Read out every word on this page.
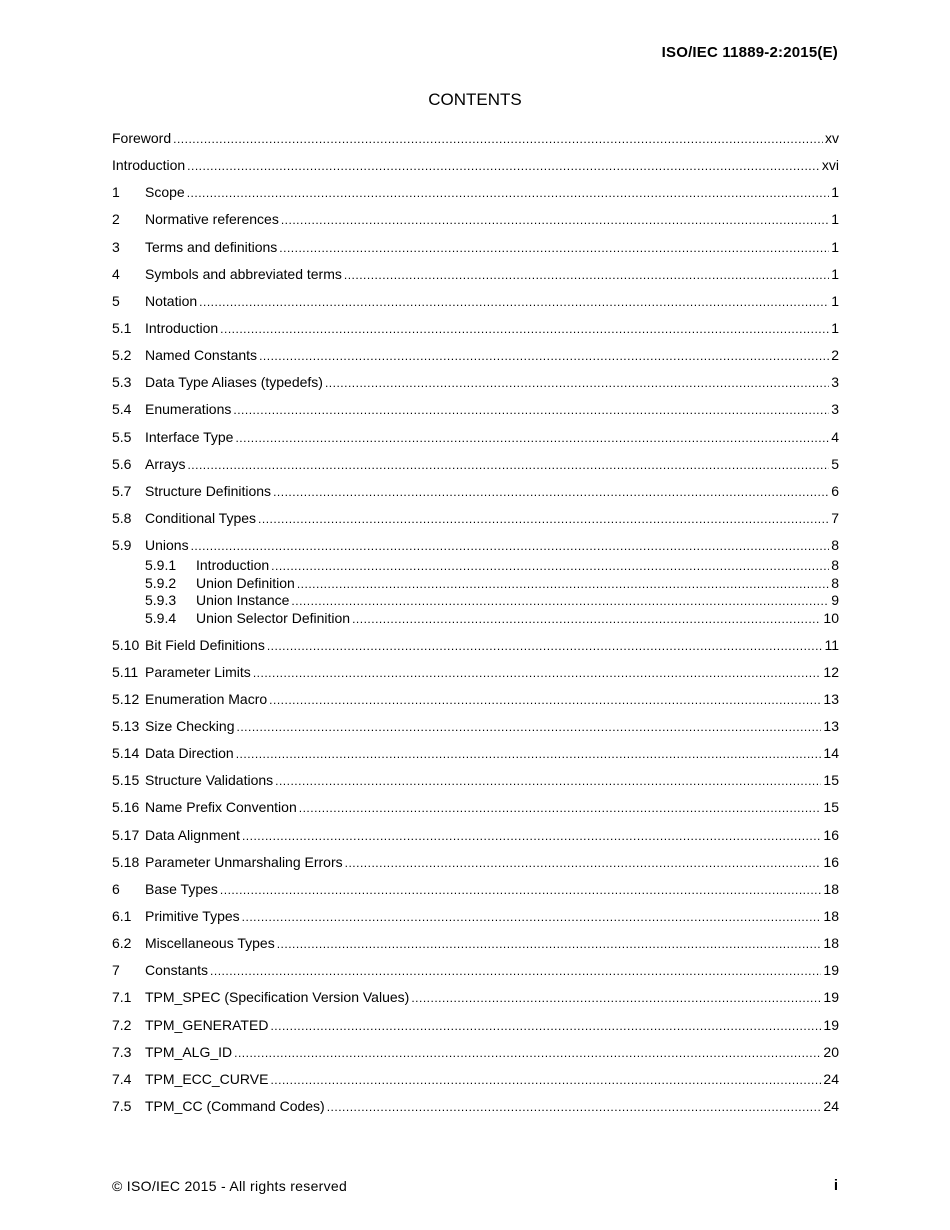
ISO/IEC 11889-2:2015(E)
CONTENTS
Foreword .....	xv
Introduction .....	xvi
1	Scope .....	1
2	Normative references .....	1
3	Terms and definitions .....	1
4	Symbols and abbreviated terms .....	1
5	Notation .....	1
5.1 Introduction .....	1
5.2 Named Constants .....	2
5.3 Data Type Aliases (typedefs) .....	3
5.4 Enumerations .....	3
5.5 Interface Type .....	4
5.6 Arrays .....	5
5.7 Structure Definitions .....	6
5.8 Conditional Types .....	7
5.9 Unions .....	8
5.9.1	Introduction .....	8
5.9.2	Union Definition .....	8
5.9.3	Union Instance .....	9
5.9.4	Union Selector Definition .....	10
5.10 Bit Field Definitions .....	11
5.11 Parameter Limits .....	12
5.12 Enumeration Macro .....	13
5.13 Size Checking .....	13
5.14 Data Direction .....	14
5.15 Structure Validations .....	15
5.16 Name Prefix Convention .....	15
5.17 Data Alignment .....	16
5.18 Parameter Unmarshaling Errors .....	16
6	Base Types .....	18
6.1 Primitive Types .....	18
6.2 Miscellaneous Types .....	18
7	Constants .....	19
7.1 TPM_SPEC (Specification Version Values) .....	19
7.2 TPM_GENERATED .....	19
7.3 TPM_ALG_ID .....	20
7.4 TPM_ECC_CURVE .....	24
7.5 TPM_CC (Command Codes) .....	24
© ISO/IEC 2015 - All rights reserved	i
